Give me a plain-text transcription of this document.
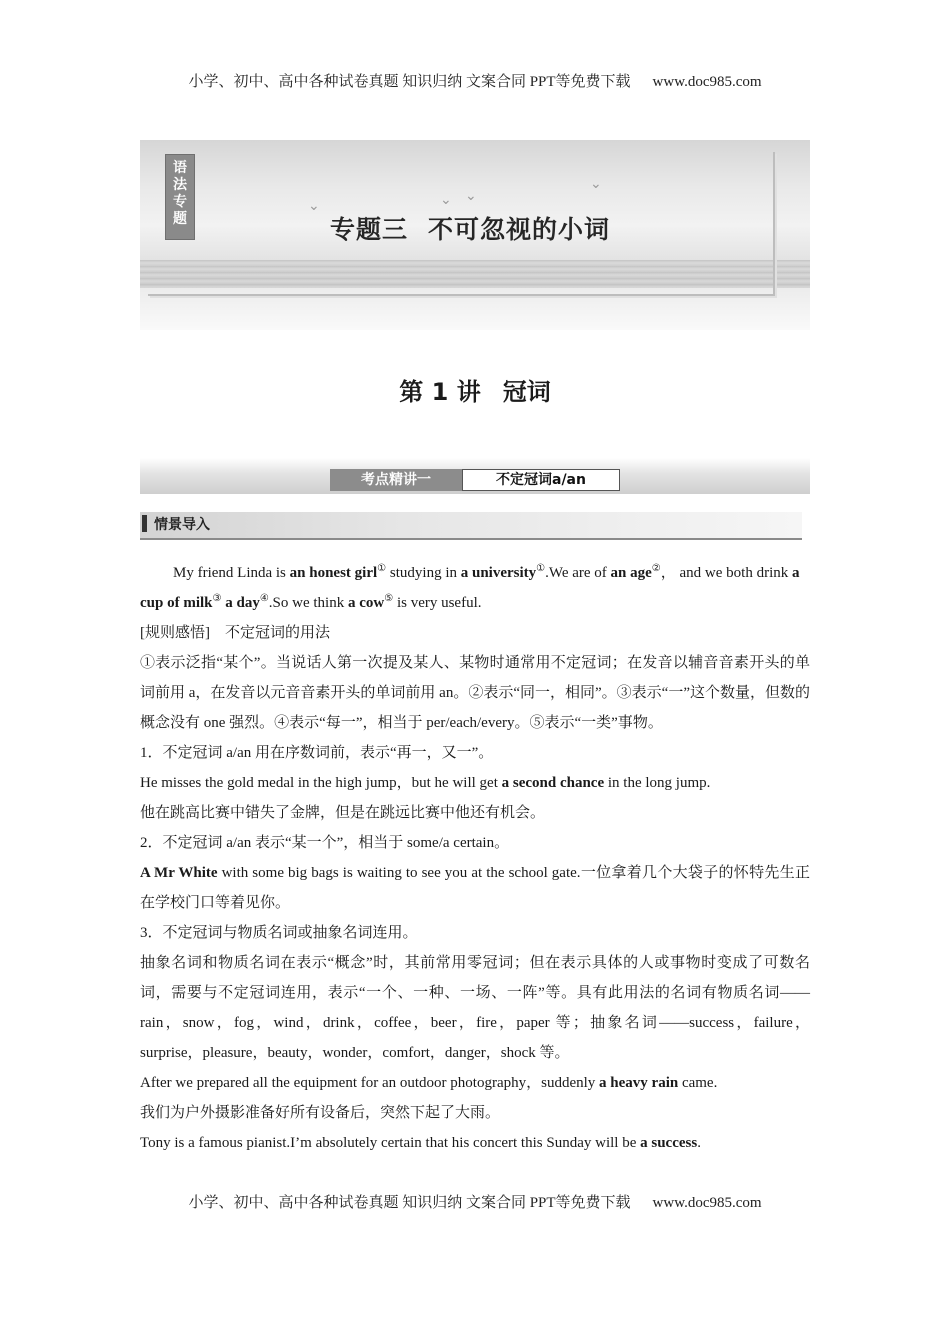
小学、初中、高中各种试卷真题 知识归纳 文案合同 PPT等免费下载 www.doc985.com
⌄	⌄ ⌄
⌄
语
法
专
题	专题三 不可忽视的小词
第 1 讲 冠词
考点精讲一	不定冠词a/an
情景导入

My friend Linda is an honest girl① studying in a university①.We are of an age②， and we both drink a cup of milk③ a day④.So we think a cow⑤ is very useful.

[规则感悟] 不定冠词的用法

①表示泛指“某个”。当说话人第一次提及某人、某物时通常用不定冠词；在发音以辅音音素开头的单词前用 a，在发音以元音音素开头的单词前用 an。②表示“同一，相同”。③表示“一”这个数量，但数的概念没有 one 强烈。④表示“每一”，相当于 per/each/every。⑤表示“一类”事物。

1．不定冠词 a/an 用在序数词前，表示“再一，又一”。

He misses the gold medal in the high jump，but he will get a second chance in the long jump.

他在跳高比赛中错失了金牌，但是在跳远比赛中他还有机会。

2．不定冠词 a/an 表示“某一个”，相当于 some/a certain。

A Mr White with some big bags is waiting to see you at the school gate.一位拿着几个大袋子的怀特先生正在学校门口等着见你。

3．不定冠词与物质名词或抽象名词连用。

抽象名词和物质名词在表示“概念”时，其前常用零冠词；但在表示具体的人或事物时变成了可数名词，需要与不定冠词连用，表示“一个、一种、一场、一阵”等。具有此用法的名词有物质名词——rain，snow，fog，wind，drink，coffee，beer，fire，paper 等；抽象名词——success，failure，surprise，pleasure，beauty，wonder，comfort，danger，shock 等。

After we prepared all the equipment for an outdoor photography，suddenly a heavy rain came.

我们为户外摄影准备好所有设备后，突然下起了大雨。

Tony is a famous pianist.I’m absolutely certain that his concert this Sunday will be a success.

小学、初中、高中各种试卷真题 知识归纳 文案合同 PPT等免费下载 www.doc985.com
